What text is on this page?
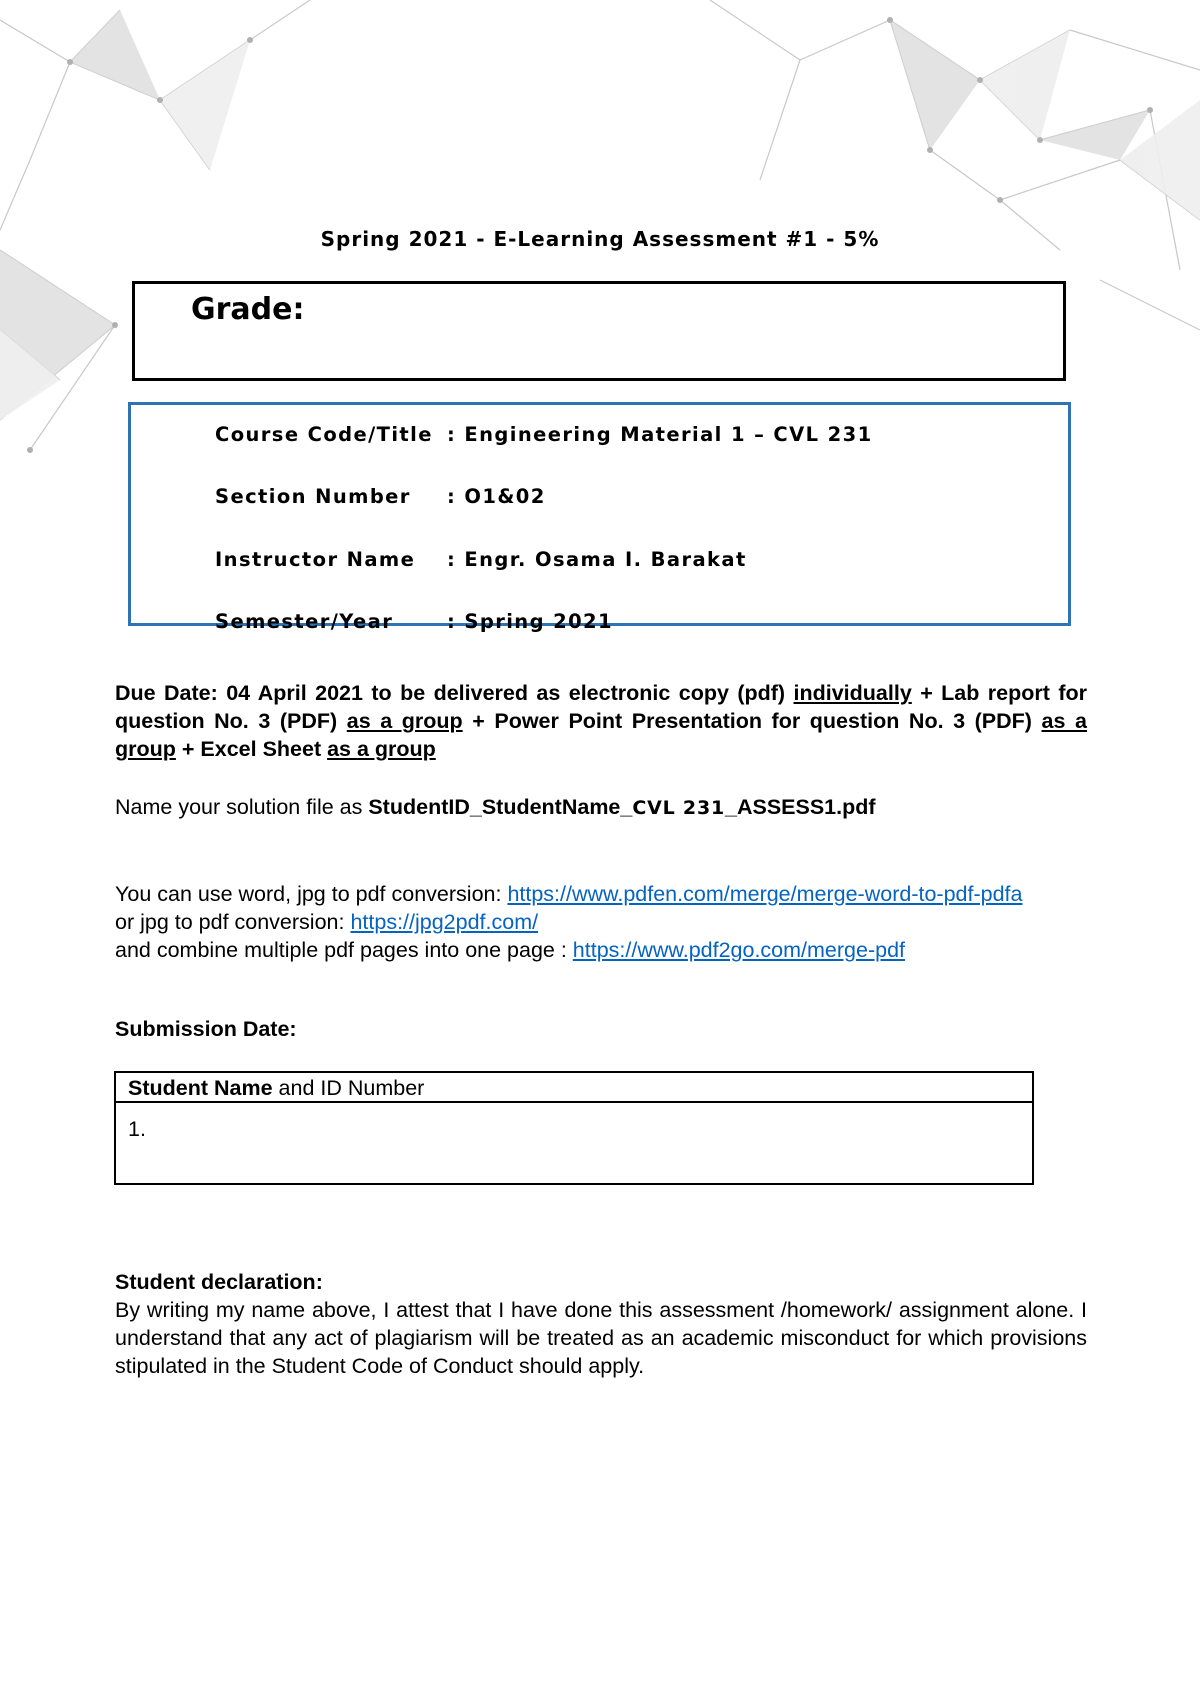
Spring 2021 - E-Learning Assessment #1 - 5%
Grade:
Course Code/Title : Engineering Material 1 – CVL 231
Section Number : O1&02
Instructor Name : Engr. Osama I. Barakat
Semester/Year	: Spring 2021
Due Date: 04 April 2021 to be delivered as electronic copy (pdf) individually + Lab report for question No. 3 (PDF) as a group + Power Point Presentation for question No. 3 (PDF) as a group + Excel Sheet as a group
Name your solution file as StudentID_StudentName_CVL 231_ASSESS1.pdf
You can use word, jpg to pdf conversion: https://www.pdfen.com/merge/merge-word-to-pdf-pdfa
or jpg to pdf conversion: https://jpg2pdf.com/
and combine multiple pdf pages into one page : https://www.pdf2go.com/merge-pdf
Submission Date:
Student Name and ID Number
1.
Student declaration:
By writing my name above, I attest that I have done this assessment /homework/ assignment alone. I understand that any act of plagiarism will be treated as an academic misconduct for which provisions stipulated in the Student Code of Conduct should apply.
